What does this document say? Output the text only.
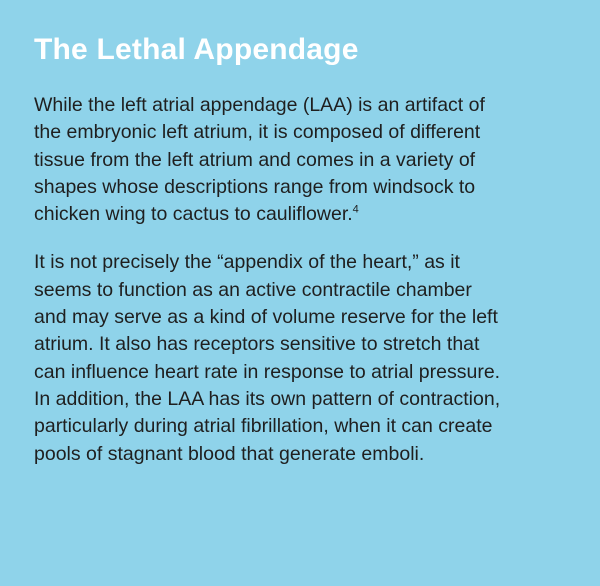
The Lethal Appendage

While the left atrial appendage (LAA) is an artifact of
the embryonic left atrium, it is composed of different
tissue from the left atrium and comes in a variety of
shapes whose descriptions range from windsock to
chicken wing to cactus to cauliflower.$^4$

It is not precisely the “appendix of the heart,” as it
seems to function as an active contractile chamber
and may serve as a kind of volume reserve for the left
atrium. It also has receptors sensitive to stretch that
can influence heart rate in response to atrial pressure.
In addition, the LAA has its own pattern of contraction,
particularly during atrial fibrillation, when it can create
pools of stagnant blood that generate emboli.
